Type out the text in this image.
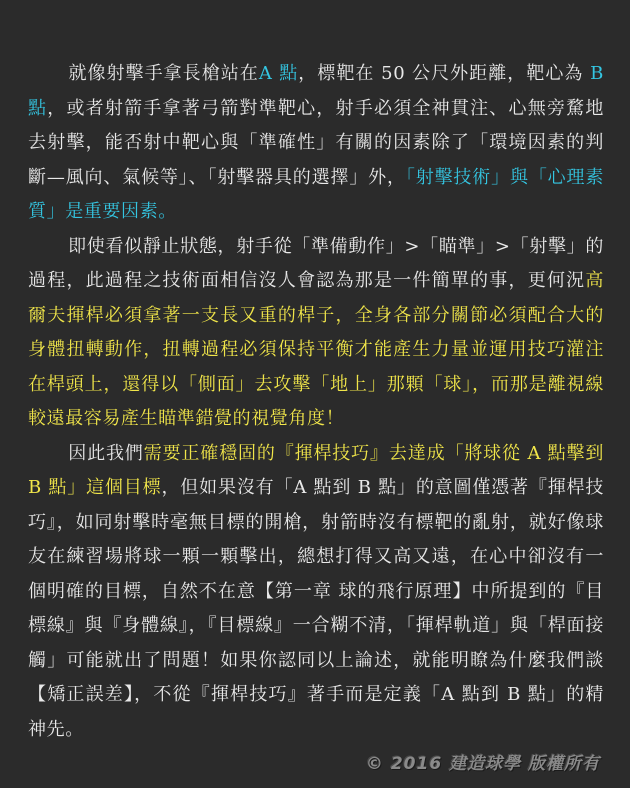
就像射擊手拿長槍站在A 點，標靶在 50 公尺外距離，靶心為 B 點，或者射箭手拿著弓箭對準靶心，射手必須全神貫注、心無旁騖地去射擊，能否射中靶心與「準確性」有關的因素除了「環境因素的判斷—風向、氣候等」、「射擊器具的選擇」外，「射擊技術」與「心理素質」是重要因素。

即使看似靜止狀態，射手從「準備動作」>「瞄準」>「射擊」的過程，此過程之技術面相信沒人會認為那是一件簡單的事，更何況高爾夫揮桿必須拿著一支長又重的桿子，全身各部分關節必須配合大的身體扭轉動作，扭轉過程必須保持平衡才能產生力量並運用技巧灌注在桿頭上，還得以「側面」去攻擊「地上」那顆「球」，而那是離視線較遠最容易產生瞄準錯覺的視覺角度！

因此我們需要正確穩固的『揮桿技巧』去達成「將球從 A 點擊到 B 點」這個目標，但如果沒有「A 點到 B 點」的意圖僅憑著『揮桿技巧』，如同射擊時毫無目標的開槍，射箭時沒有標靶的亂射，就好像球友在練習場將球一顆一顆擊出，總想打得又高又遠，在心中卻沒有一個明確的目標，自然不在意【第一章 球的飛行原理】中所提到的『目標線』與『身體線』，『目標線』一合糊不清，「揮桿軌道」與「桿面接觸」可能就出了問題！如果你認同以上論述，就能明瞭為什麼我們談【矯正誤差】，不從『揮桿技巧』著手而是定義「A 點到 B 點」的精神先。

© 2016 建造球學 版權所有
